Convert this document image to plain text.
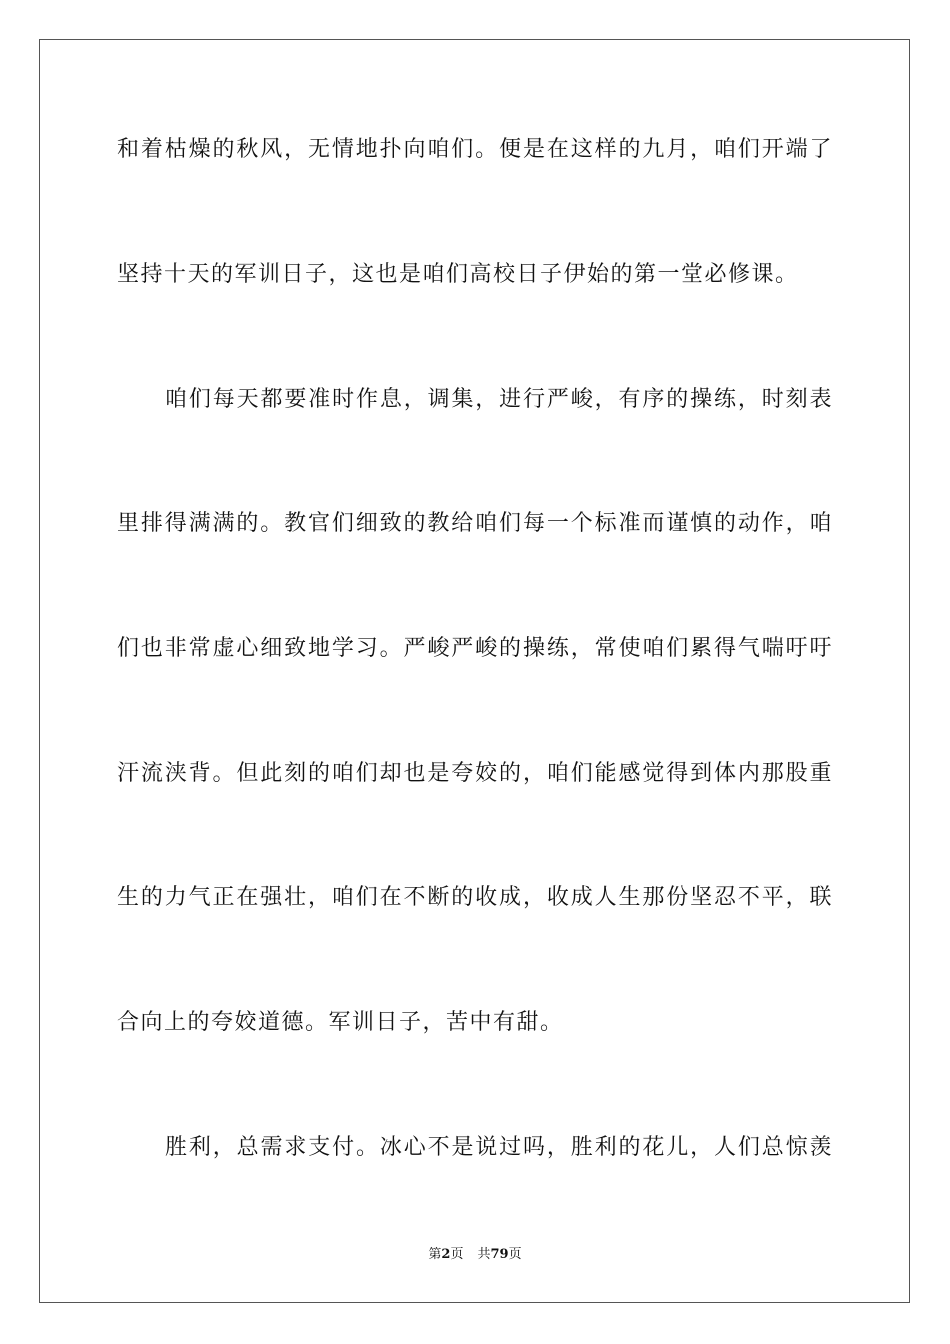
和着枯燥的秋风，无情地扑向咱们。便是在这样的九月，咱们开端了
坚持十天的军训日子，这也是咱们高校日子伊始的第一堂必修课。
咱们每天都要准时作息，调集，进行严峻，有序的操练，时刻表
里排得满满的。教官们细致的教给咱们每一个标准而谨慎的动作，咱
们也非常虚心细致地学习。严峻严峻的操练，常使咱们累得气喘吁吁
汗流浃背。但此刻的咱们却也是夸姣的，咱们能感觉得到体内那股重
生的力气正在强壮，咱们在不断的收成，收成人生那份坚忍不平，联
合向上的夸姣道德。军训日子，苦中有甜。
胜利，总需求支付。冰心不是说过吗，胜利的花儿，人们总惊羡
第2页 共79页
